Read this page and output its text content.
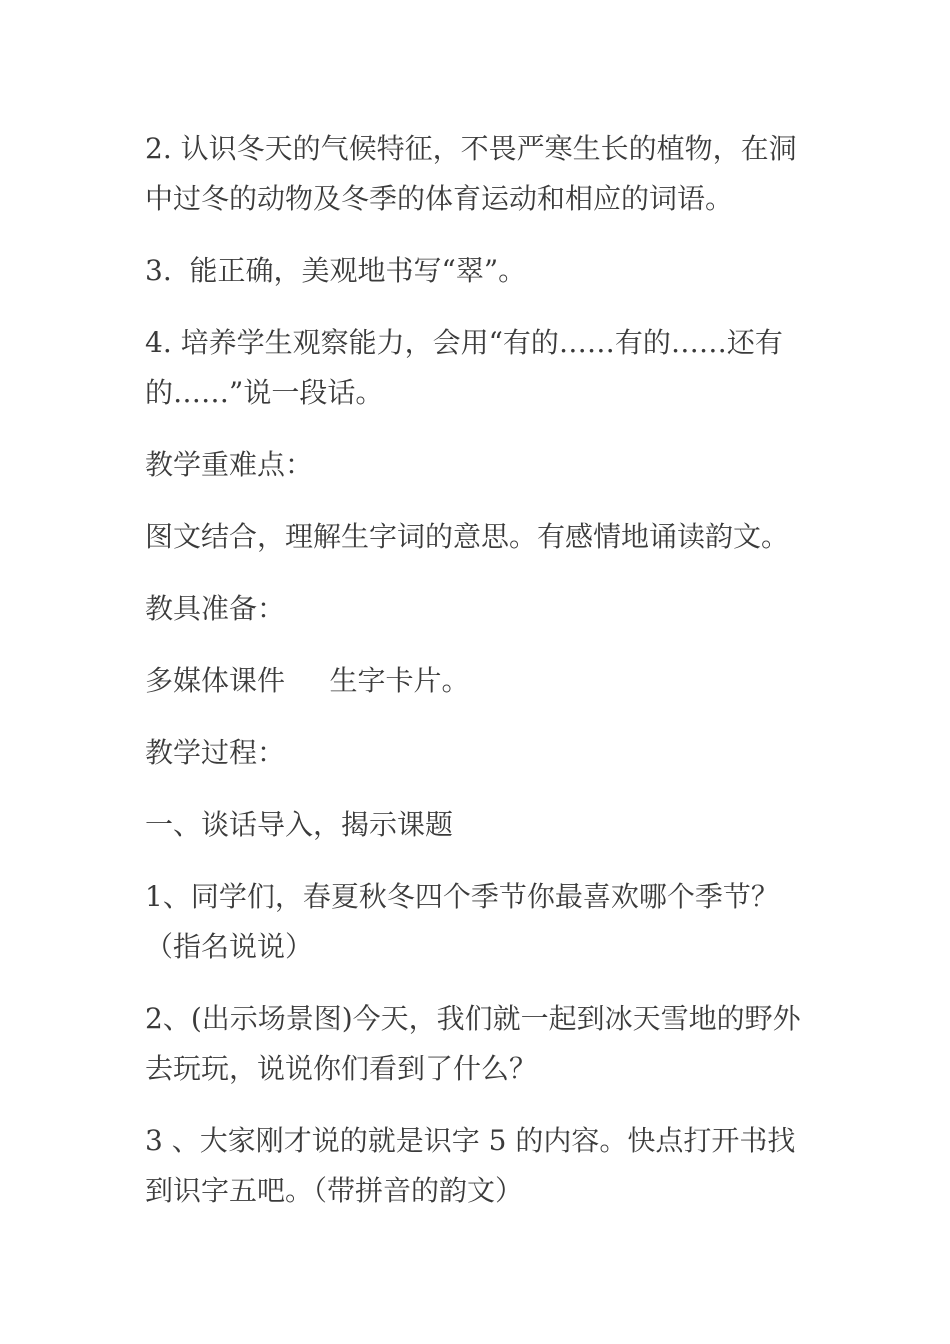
2. 认识冬天的气候特征，不畏严寒生长的植物，在洞中过冬的动物及冬季的体育运动和相应的词语。

3.  能正确，美观地书写“翠”。

4. 培养学生观察能力，会用“有的……有的……还有的……”说一段话。

教学重难点：

图文结合，理解生字词的意思。有感情地诵读韵文。

教具准备：

多媒体课件     生字卡片。

教学过程：

一、谈话导入，揭示课题

1、同学们，春夏秋冬四个季节你最喜欢哪个季节？（指名说说）

2、(出示场景图)今天，我们就一起到冰天雪地的野外去玩玩，说说你们看到了什么？

3 、大家刚才说的就是识字 5 的内容。快点打开书找到识字五吧。（带拼音的韵文）
